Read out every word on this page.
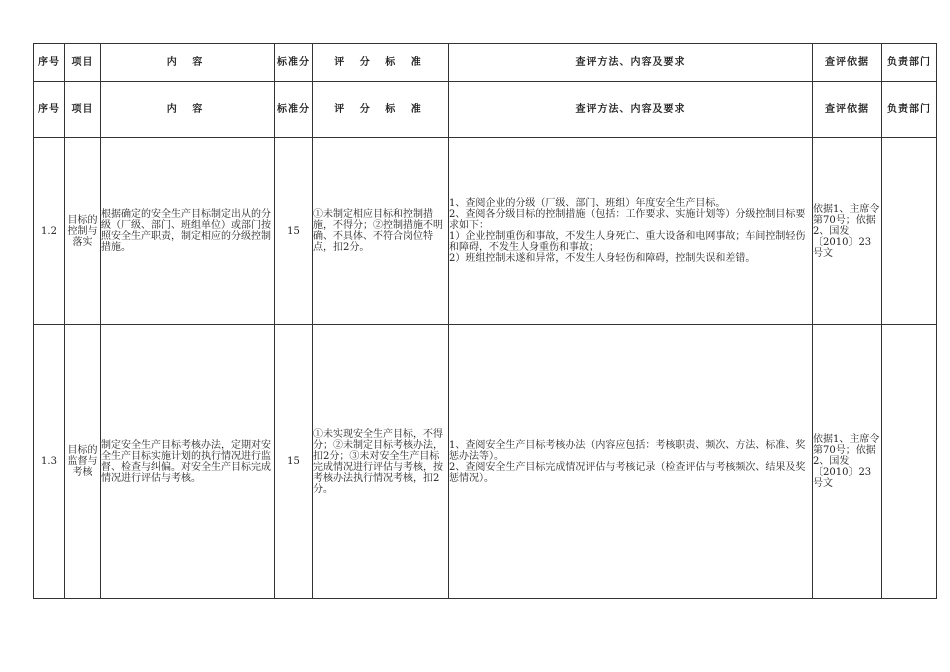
序号	项目	内 容	标准分	评 分 标 准	查评方法、内容及要求	查评依据	负责部门
序号	项目	内 容	标准分	评 分 标 准	查评方法、内容及要求	查评依据	负责部门
1.2	目标的控制与落实	根据确定的安全生产目标制定出从的分级（厂级、部门、班组单位）或部门按照安全生产职责，制定相应的分级控制措施。	15	①未制定相应目标和控制措施，不得分；②控制措施不明确、不具体、不符合岗位特点，扣2分。	1、查阅企业的分级（厂级、部门、班组）年度安全生产目标。
2、查阅各分级目标的控制措施（包括：工作要求、实施计划等）分级控制目标要求如下：
1）企业控制重伤和事故，不发生人身死亡、重大设备和电网事故；车间控制轻伤和障碍，不发生人身重伤和事故；
2）班组控制未遂和异常，不发生人身轻伤和障碍，控制失误和差错。	依据1、主席令第70号；依据2、国发〔2010〕23号文	
1.3	目标的监督与考核	制定安全生产目标考核办法，定期对安全生产目标实施计划的执行情况进行监督、检查与纠偏。对安全生产目标完成情况进行评估与考核。	15	①未实现安全生产目标，不得分；②未制定目标考核办法，扣2分；③未对安全生产目标完成情况进行评估与考核，按考核办法执行情况考核，扣2分。	1、查阅安全生产目标考核办法（内容应包括：考核职责、频次、方法、标准、奖惩办法等）。
2、查阅安全生产目标完成情况评估与考核记录（检查评估与考核频次、结果及奖惩情况）。	依据1、主席令第70号；依据2、国发〔2010〕23号文	
